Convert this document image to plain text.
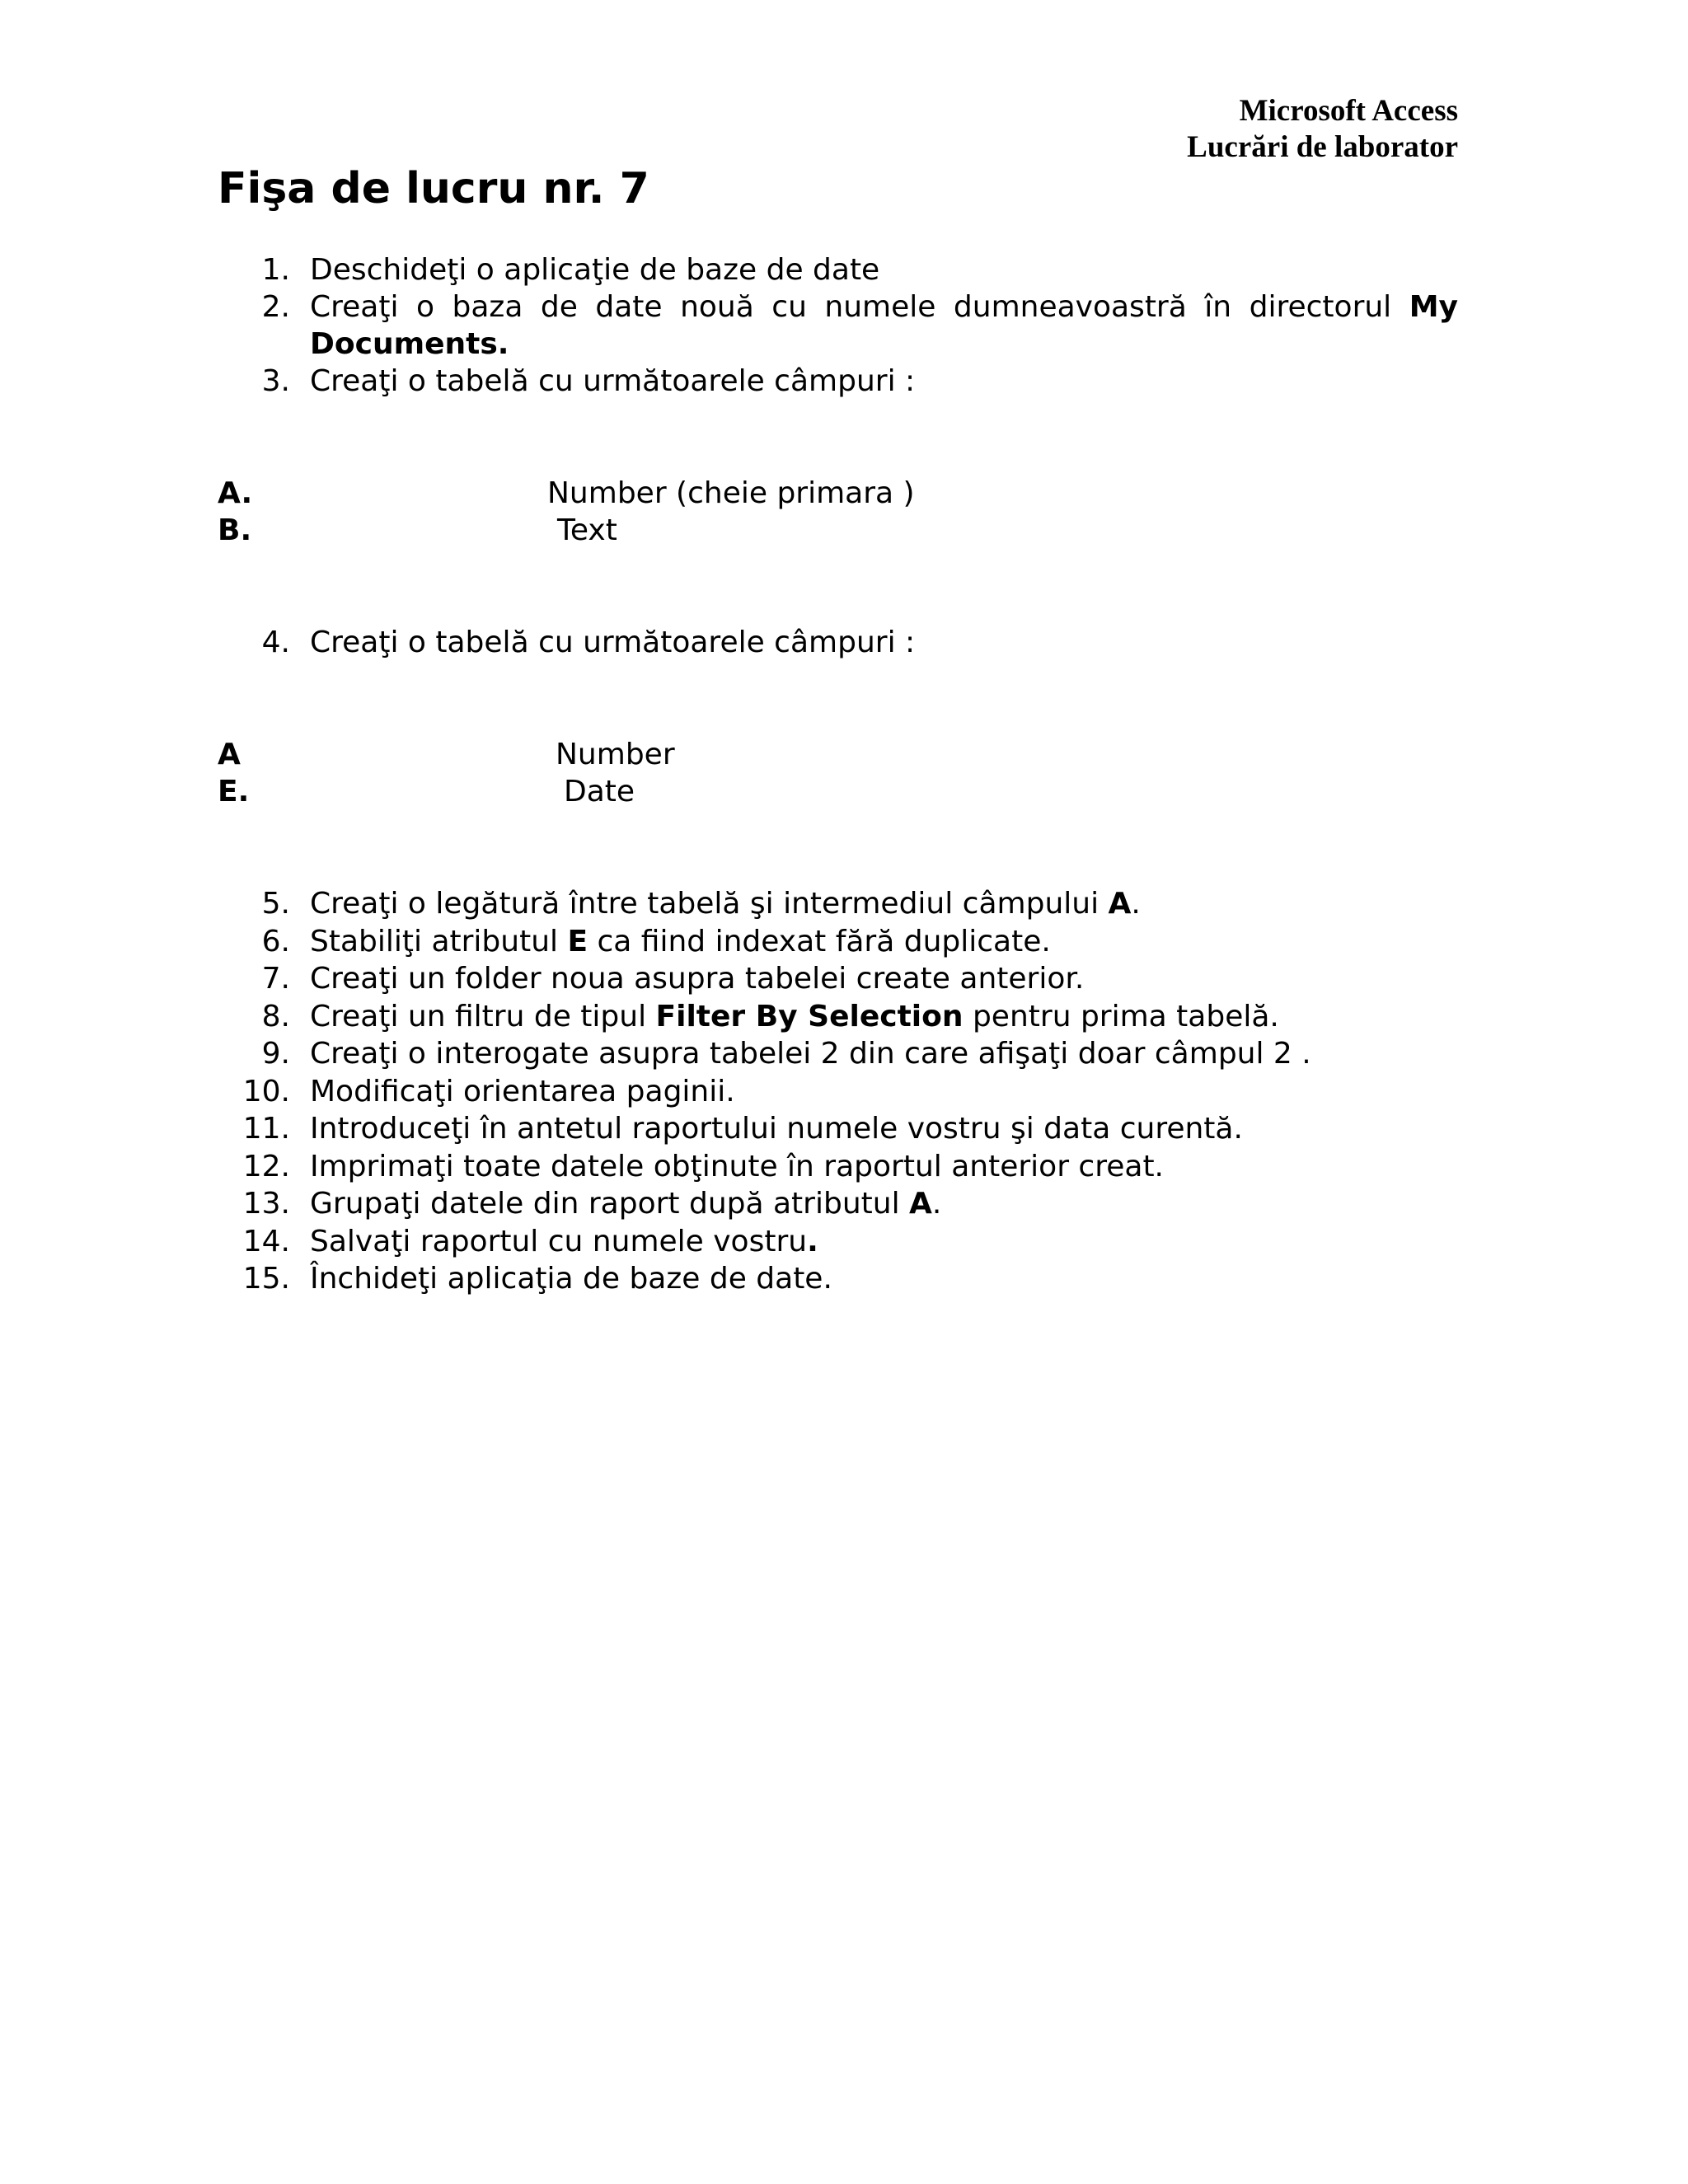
Microsoft Access
Lucrări de laborator
Fişa de lucru nr. 7
1. Deschideţi o aplicaţie de baze de date
2. Creaţi o baza de date nouă cu numele dumneavoastră în directorul My
Documents.
3. Creaţi o tabelă cu următoarele câmpuri :
A.	Number (cheie primara )
B.	Text
4. Creaţi o tabelă cu următoarele câmpuri :
A	Number
E.	Date
5. Creaţi o legătură între tabelă şi intermediul câmpului A.
6. Stabiliţi atributul E ca fiind indexat fără duplicate.
7. Creaţi un folder noua asupra tabelei create anterior.
8. Creaţi un filtru de tipul Filter By Selection pentru prima tabelă.
9. Creaţi o interogate asupra tabelei 2 din care afişaţi doar câmpul 2 .
10. Modificaţi orientarea paginii.
11. Introduceţi în antetul raportului numele vostru şi data curentă.
12. Imprimaţi toate datele obţinute în raportul anterior creat.
13. Grupaţi datele din raport după atributul A.
14. Salvaţi raportul cu numele vostru.
15. Închideţi aplicaţia de baze de date.
